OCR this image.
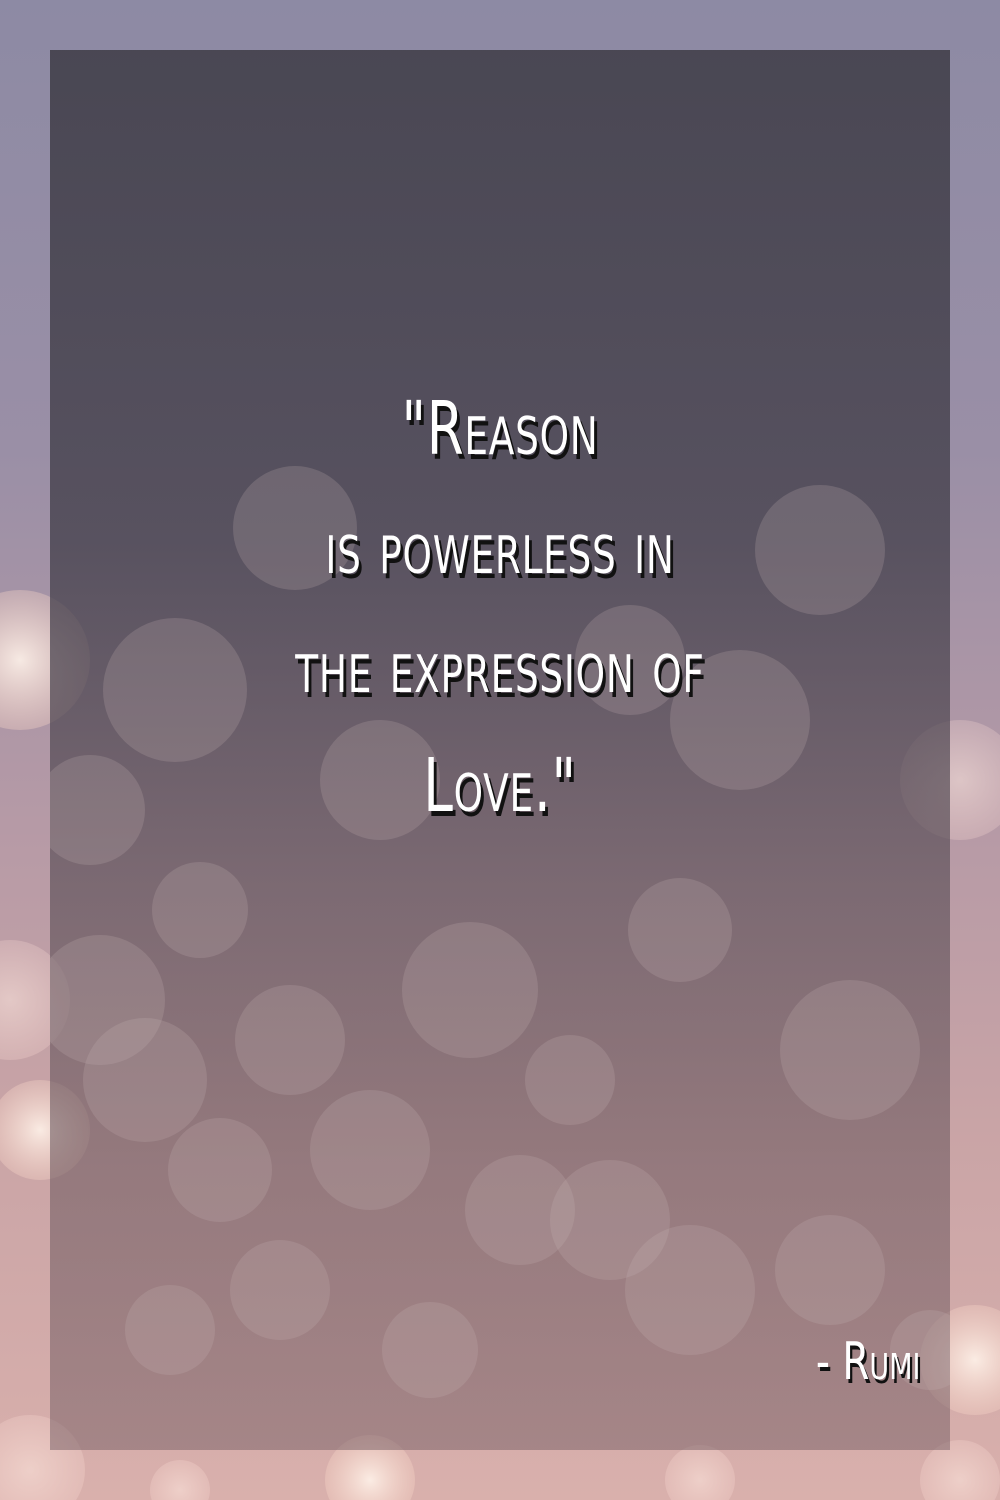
"Reason
is powerless in
the expression of
Love."

- Rumi
